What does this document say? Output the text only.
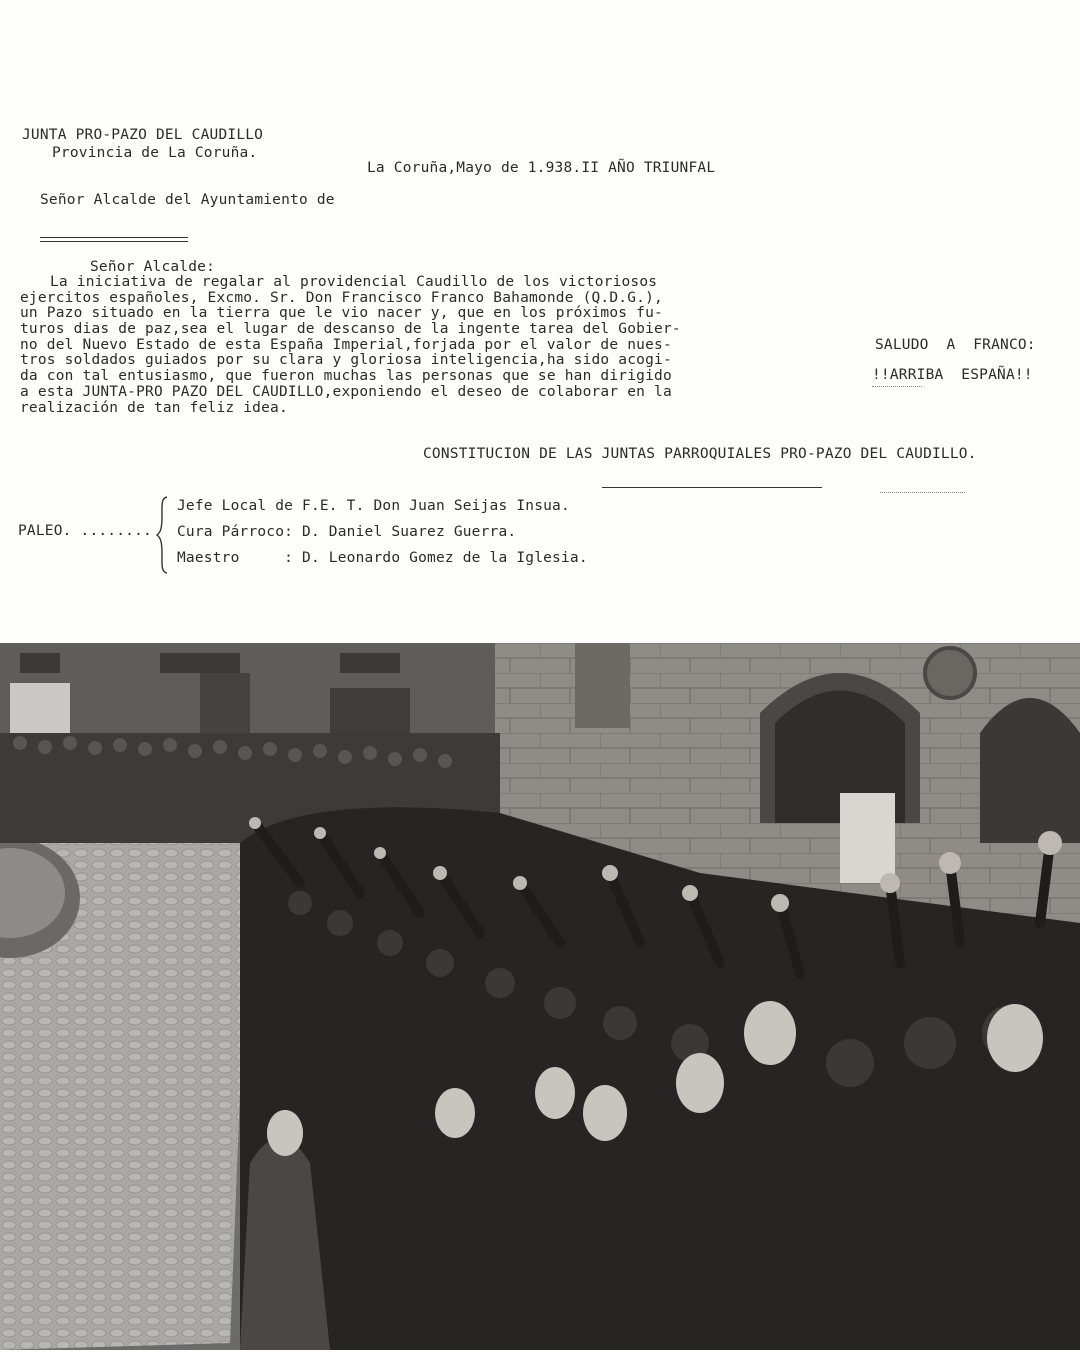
JUNTA PRO-PAZO DEL CAUDILLO
Provincia de La Coruña.
La Coruña,Mayo de 1.938.II AÑO TRIUNFAL
Señor Alcalde del Ayuntamiento de
Señor Alcalde:
La iniciativa de regalar al providencial Caudillo de los victoriosos
ejercitos españoles, Excmo. Sr. Don Francisco Franco Bahamonde (Q.D.G.),
un Pazo situado en la tierra que le vio nacer y, que en los próximos fu-
turos dias de paz,sea el lugar de descanso de la ingente tarea del Gobier-
no del Nuevo Estado de esta España Imperial,forjada por el valor de nues-
tros soldados guiados por su clara y gloriosa inteligencia,ha sido acogi-
da con tal entusiasmo, que fueron muchas las personas que se han dirigido
a esta JUNTA-PRO PAZO DEL CAUDILLO,exponiendo el deseo de colaborar en la
realización de tan feliz idea.
SALUDO  A  FRANCO:
!!ARRIBA  ESPAÑA!!
CONSTITUCION DE LAS JUNTAS PARROQUIALES PRO-PAZO DEL CAUDILLO.
PALEO. ........
Jefe Local de F.E. T. Don Juan Seijas Insua.
Cura Párroco: D. Daniel Suarez Guerra.
Maestro     : D. Leonardo Gomez de la Iglesia.
